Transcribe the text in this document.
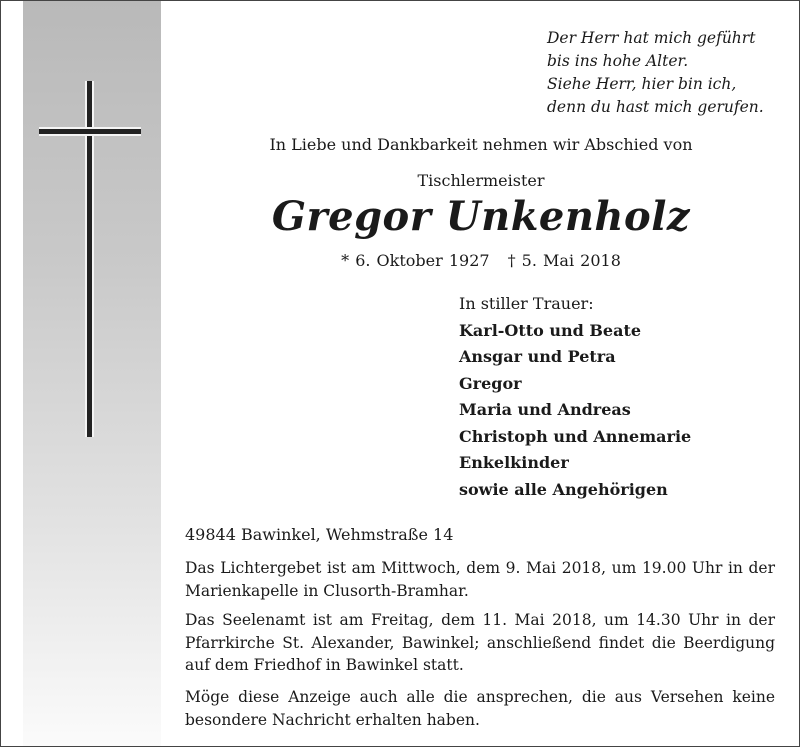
Der Herr hat mich geführt
bis ins hohe Alter.
Siehe Herr, hier bin ich,
denn du hast mich gerufen.
In Liebe und Dankbarkeit nehmen wir Abschied von
Tischlermeister
Gregor Unkenholz
* 6. Oktober 1927 † 5. Mai 2018
In stiller Trauer:
Karl-Otto und Beate
Ansgar und Petra
Gregor
Maria und Andreas
Christoph und Annemarie
Enkelkinder
sowie alle Angehörigen
49844 Bawinkel, Wehmstraße 14
Das Lichtergebet ist am Mittwoch, dem 9. Mai 2018, um 19.00 Uhr in der Marienkapelle in Clusorth-Bramhar.
Das Seelenamt ist am Freitag, dem 11. Mai 2018, um 14.30 Uhr in der Pfarrkirche St. Alexander, Bawinkel; anschließend findet die Beerdigung auf dem Friedhof in Bawinkel statt.
Möge diese Anzeige auch alle die ansprechen, die aus Versehen keine besondere Nachricht erhalten haben.
